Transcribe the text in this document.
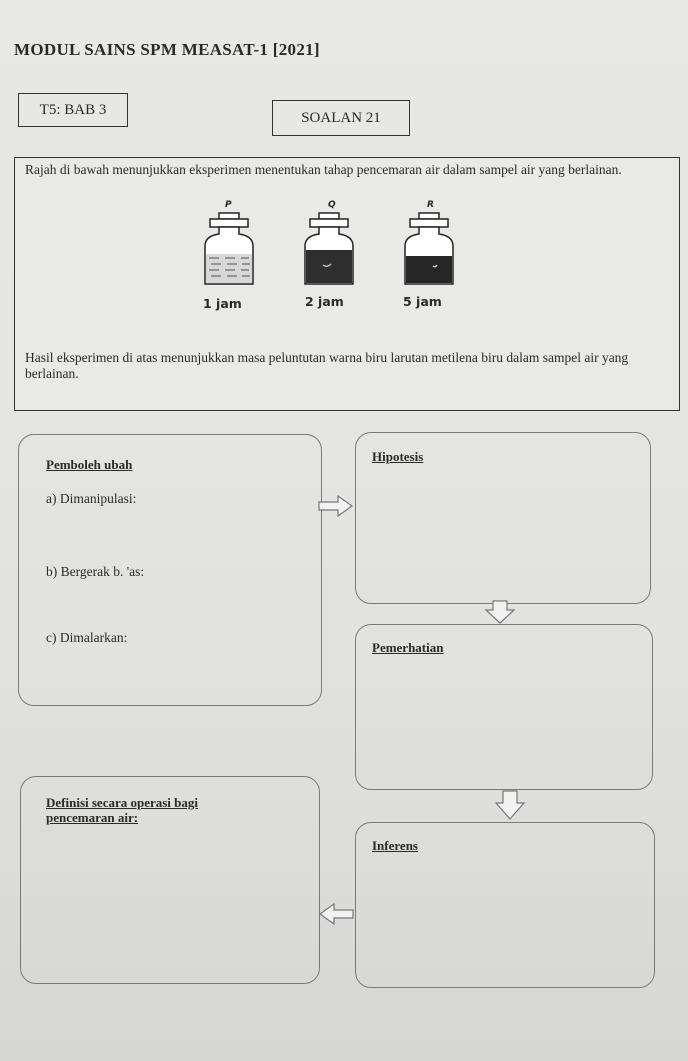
MODUL SAINS SPM MEASAT-1 [2021]
T5: BAB 3	SOALAN 21
Rajah di bawah menunjukkan eksperimen menentukan tahap pencemaran air dalam sampel air yang berlainan.
P
1 jam
Q
2 jam
R
5 jam
Hasil eksperimen di atas menunjukkan masa peluntutan warna biru larutan metilena biru dalam sampel air yang berlainan.
Pemboleh ubah
a) Dimanipulasi:
b) Bergerak b. 'as:
c) Dimalarkan:
Hipotesis
Pemerhatian
Definisi secara operasi bagi
pencemaran air:
Inferens
